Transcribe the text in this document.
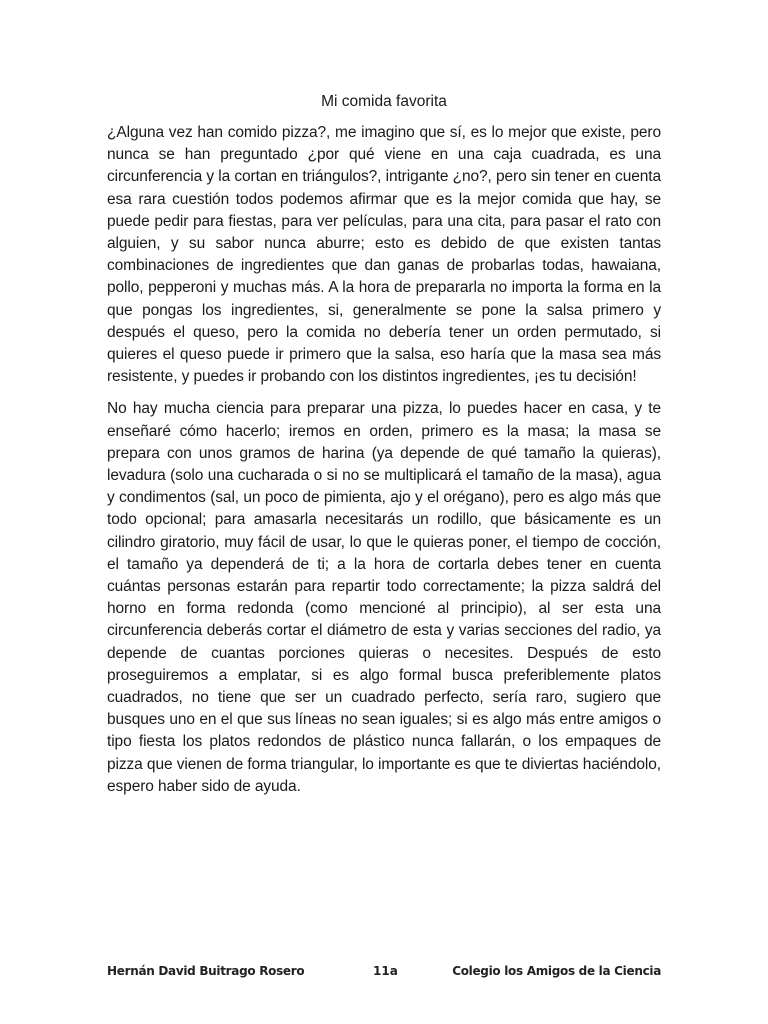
Mi comida favorita

¿Alguna vez han comido pizza?, me imagino que sí, es lo mejor que existe, pero nunca se han preguntado ¿por qué viene en una caja cuadrada, es una circunferencia y la cortan en triángulos?, intrigante ¿no?, pero sin tener en cuenta esa rara cuestión todos podemos afirmar que es la mejor comida que hay, se puede pedir para fiestas, para ver películas, para una cita, para pasar el rato con alguien, y su sabor nunca aburre; esto es debido de que existen tantas combinaciones de ingredientes que dan ganas de probarlas todas, hawaiana, pollo, pepperoni y muchas más. A la hora de prepararla no importa la forma en la que pongas los ingredientes, si, generalmente se pone la salsa primero y después el queso, pero la comida no debería tener un orden permutado, si quieres el queso puede ir primero que la salsa, eso haría que la masa sea más resistente, y puedes ir probando con los distintos ingredientes, ¡es tu decisión!

No hay mucha ciencia para preparar una pizza, lo puedes hacer en casa, y te enseñaré cómo hacerlo; iremos en orden, primero es la masa; la masa se prepara con unos gramos de harina (ya depende de qué tamaño la quieras), levadura (solo una cucharada o si no se multiplicará el tamaño de la masa), agua y condimentos (sal, un poco de pimienta, ajo y el orégano), pero es algo más que todo opcional; para amasarla necesitarás un rodillo, que básicamente es un cilindro giratorio, muy fácil de usar, lo que le quieras poner, el tiempo de cocción, el tamaño ya dependerá de ti; a la hora de cortarla debes tener en cuenta cuántas personas estarán para repartir todo correctamente; la pizza saldrá del horno en forma redonda (como mencioné al principio), al ser esta una circunferencia deberás cortar el diámetro de esta y varias secciones del radio, ya depende de cuantas porciones quieras o necesites. Después de esto proseguiremos a emplatar, si es algo formal busca preferiblemente platos cuadrados, no tiene que ser un cuadrado perfecto, sería raro, sugiero que busques uno en el que sus líneas no sean iguales; si es algo más entre amigos o tipo fiesta los platos redondos de plástico nunca fallarán, o los empaques de pizza que vienen de forma triangular, lo importante es que te diviertas haciéndolo, espero haber sido de ayuda.

Hernán David Buitrago Rosero	11a	Colegio los Amigos de la Ciencia
